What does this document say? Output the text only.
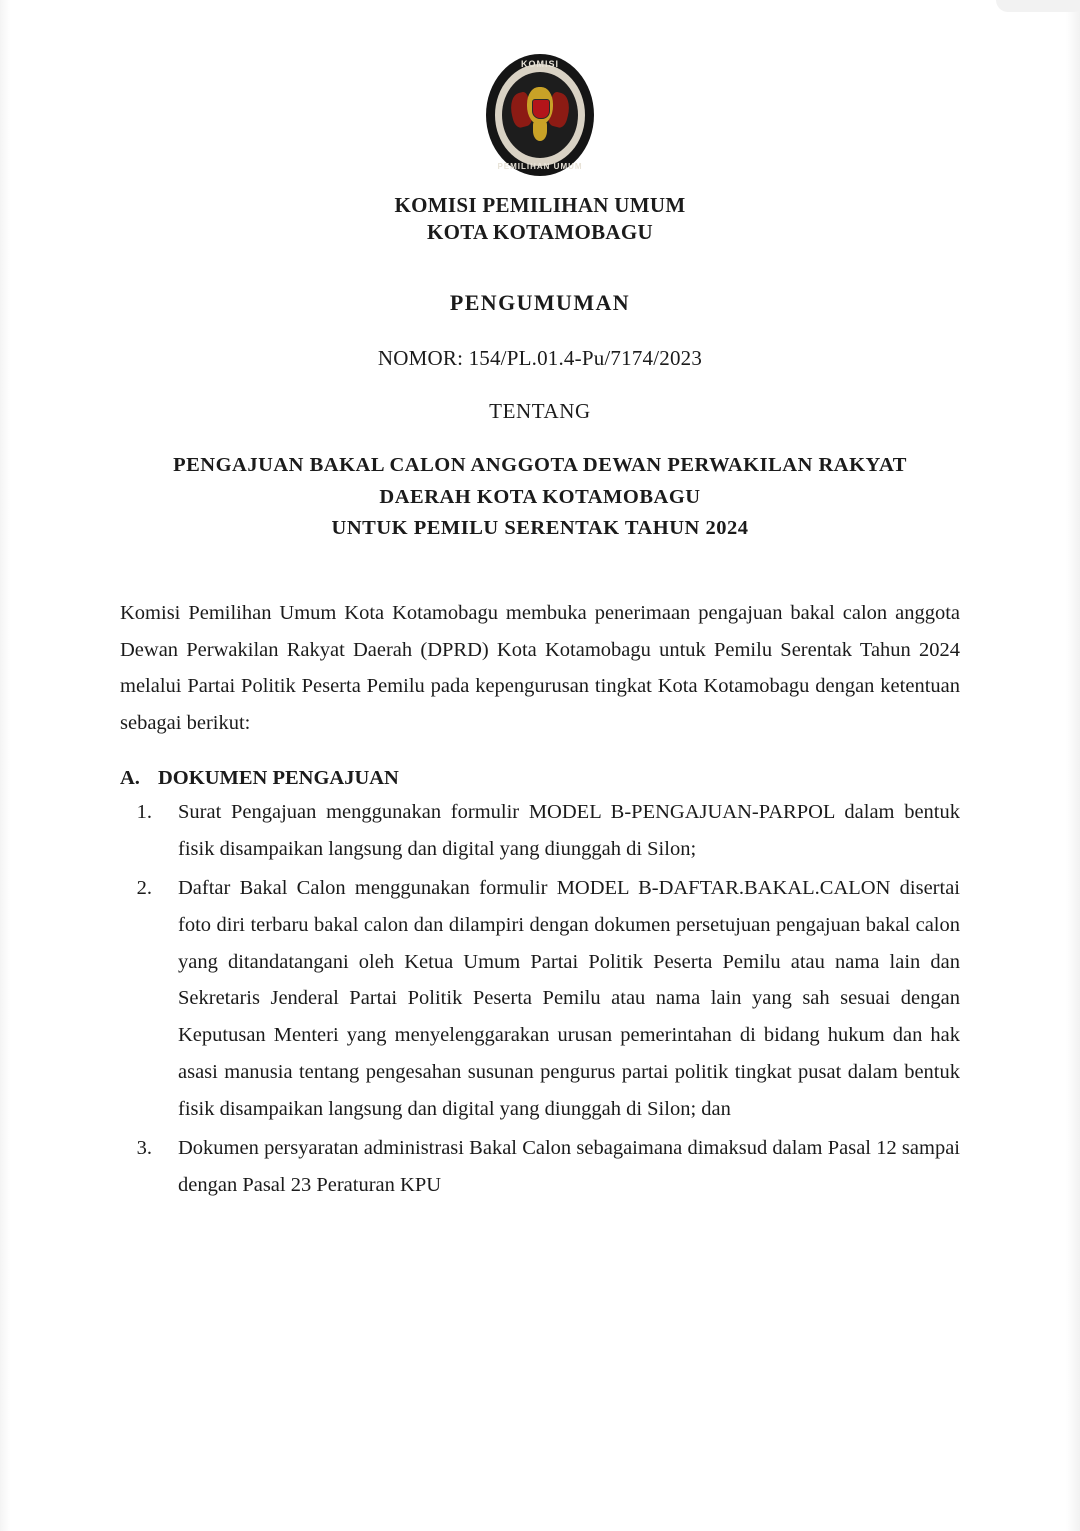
KOMISI
PEMILIHAN UMUM
KOMISI PEMILIHAN UMUM
KOTA KOTAMOBAGU
PENGUMUMAN
NOMOR: 154/PL.01.4-Pu/7174/2023
TENTANG
PENGAJUAN BAKAL CALON ANGGOTA DEWAN PERWAKILAN RAKYAT
DAERAH KOTA KOTAMOBAGU
UNTUK PEMILU SERENTAK TAHUN 2024
Komisi Pemilihan Umum Kota Kotamobagu membuka penerimaan pengajuan bakal calon anggota Dewan Perwakilan Rakyat Daerah (DPRD) Kota Kotamobagu untuk Pemilu Serentak Tahun 2024 melalui Partai Politik Peserta Pemilu pada kepengurusan tingkat Kota Kotamobagu dengan ketentuan sebagai berikut:
A. DOKUMEN PENGAJUAN
1.	Surat Pengajuan menggunakan formulir MODEL B-PENGAJUAN-PARPOL dalam bentuk fisik disampaikan langsung dan digital yang diunggah di Silon;
2.	Daftar Bakal Calon menggunakan formulir MODEL B-DAFTAR.BAKAL.CALON disertai foto diri terbaru bakal calon dan dilampiri dengan dokumen persetujuan pengajuan bakal calon yang ditandatangani oleh Ketua Umum Partai Politik Peserta Pemilu atau nama lain dan Sekretaris Jenderal Partai Politik Peserta Pemilu atau nama lain yang sah sesuai dengan Keputusan Menteri yang menyelenggarakan urusan pemerintahan di bidang hukum dan hak asasi manusia tentang pengesahan susunan pengurus partai politik tingkat pusat dalam bentuk fisik disampaikan langsung dan digital yang diunggah di Silon; dan
3.	Dokumen persyaratan administrasi Bakal Calon sebagaimana dimaksud dalam Pasal 12 sampai dengan Pasal 23 Peraturan KPU
